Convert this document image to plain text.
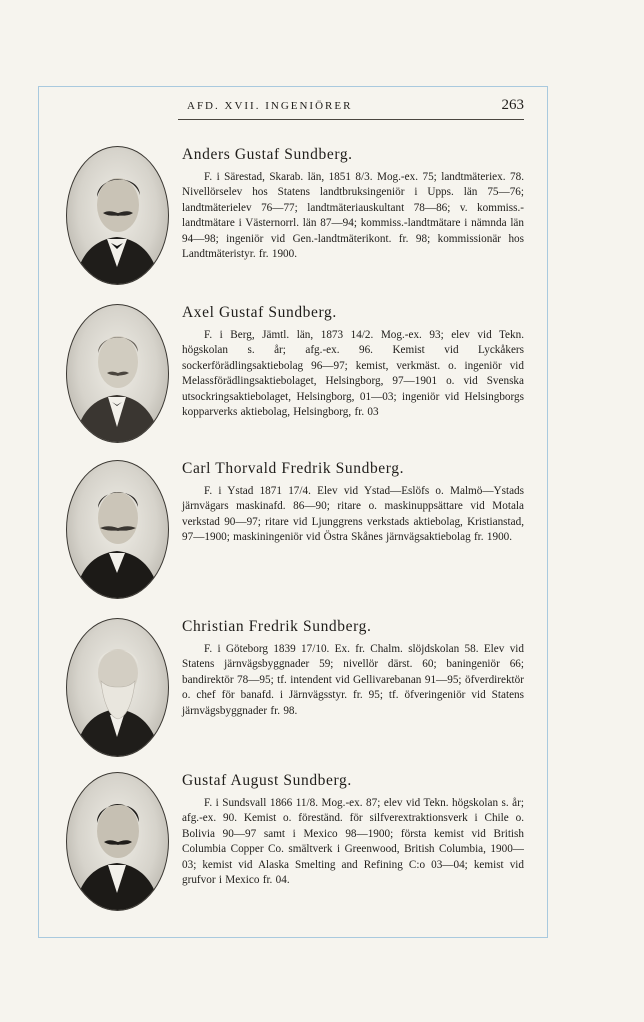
AFD. XVII. INGENIÖRER	263
Anders Gustaf Sundberg.

F. i Särestad, Skarab. län, 1851 8/3. Mog.-ex. 75; landtmäteriex. 78. Nivellörselev hos Statens landtbruksingeniör i Upps. län 75—76; landtmäterielev 76—77; landtmäteriauskultant 78—86; v. kommiss.-landtmätare i Västernorrl. län 87—94; kommiss.-landtmätare i nämnda län 94—98; ingeniör vid Gen.-landtmäterikont. fr. 98; kommissionär hos Landtmäteristyr. fr. 1900.

Axel Gustaf Sundberg.

F. i Berg, Jämtl. län, 1873 14/2. Mog.-ex. 93; elev vid Tekn. högskolan s. år; afg.-ex. 96. Kemist vid Lyckåkers sockerförädlingsaktiebolag 96—97; kemist, verkmäst. o. ingeniör vid Melassförädlingsaktiebolaget, Helsingborg, 97—1901 o. vid Svenska utsockringsaktiebolaget, Helsingborg, 01—03; ingeniör vid Helsingborgs kopparverks aktiebolag, Helsingborg, fr. 03

Carl Thorvald Fredrik Sundberg.

F. i Ystad 1871 17/4. Elev vid Ystad—Eslöfs o. Malmö—Ystads järnvägars maskinafd. 86—90; ritare o. maskinuppsättare vid Motala verkstad 90—97; ritare vid Ljunggrens verkstads aktiebolag, Kristianstad, 97—1900; maskiningeniör vid Östra Skånes järnvägsaktiebolag fr. 1900.

Christian Fredrik Sundberg.

F. i Göteborg 1839 17/10. Ex. fr. Chalm. slöjdskolan 58. Elev vid Statens järnvägsbyggnader 59; nivellör därst. 60; baningeniör 66; bandirektör 78—95; tf. intendent vid Gellivarebanan 91—95; öfverdirektör o. chef för banafd. i Järnvägsstyr. fr. 95; tf. öfveringeniör vid Statens järnvägsbyggnader fr. 98.

Gustaf August Sundberg.

F. i Sundsvall 1866 11/8. Mog.-ex. 87; elev vid Tekn. högskolan s. år; afg.-ex. 90. Kemist o. föreständ. för silfverextraktionsverk i Chile o. Bolivia 90—97 samt i Mexico 98—1900; första kemist vid British Columbia Copper Co. smältverk i Greenwood, British Columbia, 1900—03; kemist vid Alaska Smelting and Refining C:o 03—04; kemist vid grufvor i Mexico fr. 04.
